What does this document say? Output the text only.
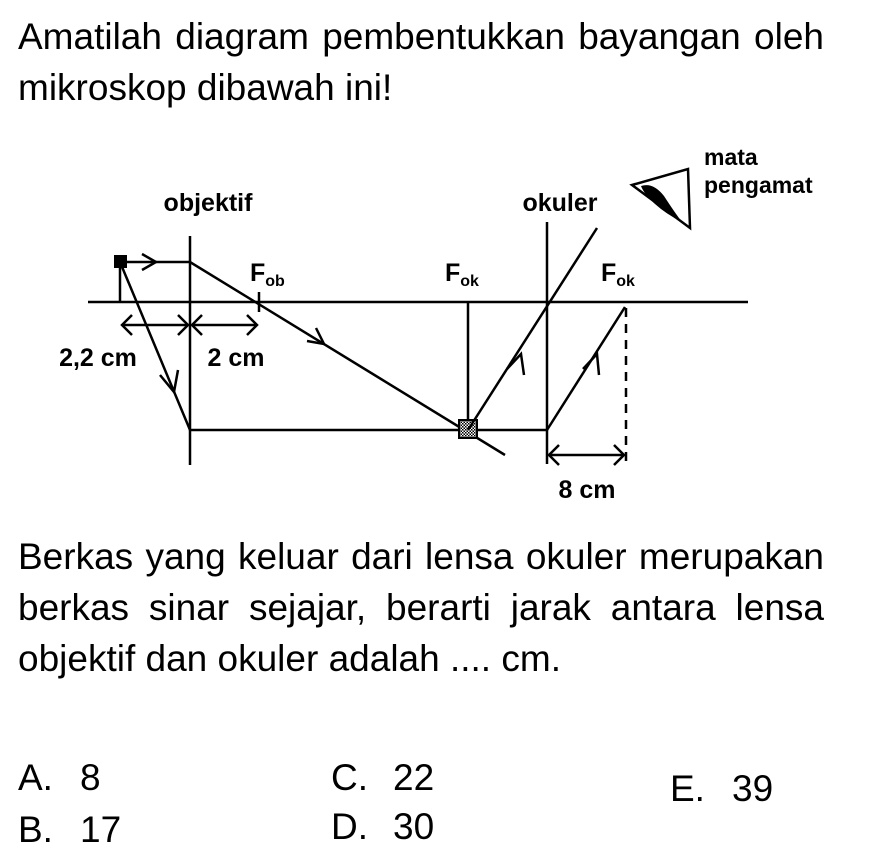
Amatilah diagram pembentukkan bayangan oleh mikroskop dibawah ini!
objektif	okuler
Fob	Fok	Fok
2,2 cm	2 cm
8 cm
mata
pengamat
Berkas yang keluar dari lensa okuler merupakan berkas sinar sejajar, berarti jarak antara lensa objektif dan okuler adalah .... cm.
A. 8
B. 17
C. 22
D. 30
E. 39
